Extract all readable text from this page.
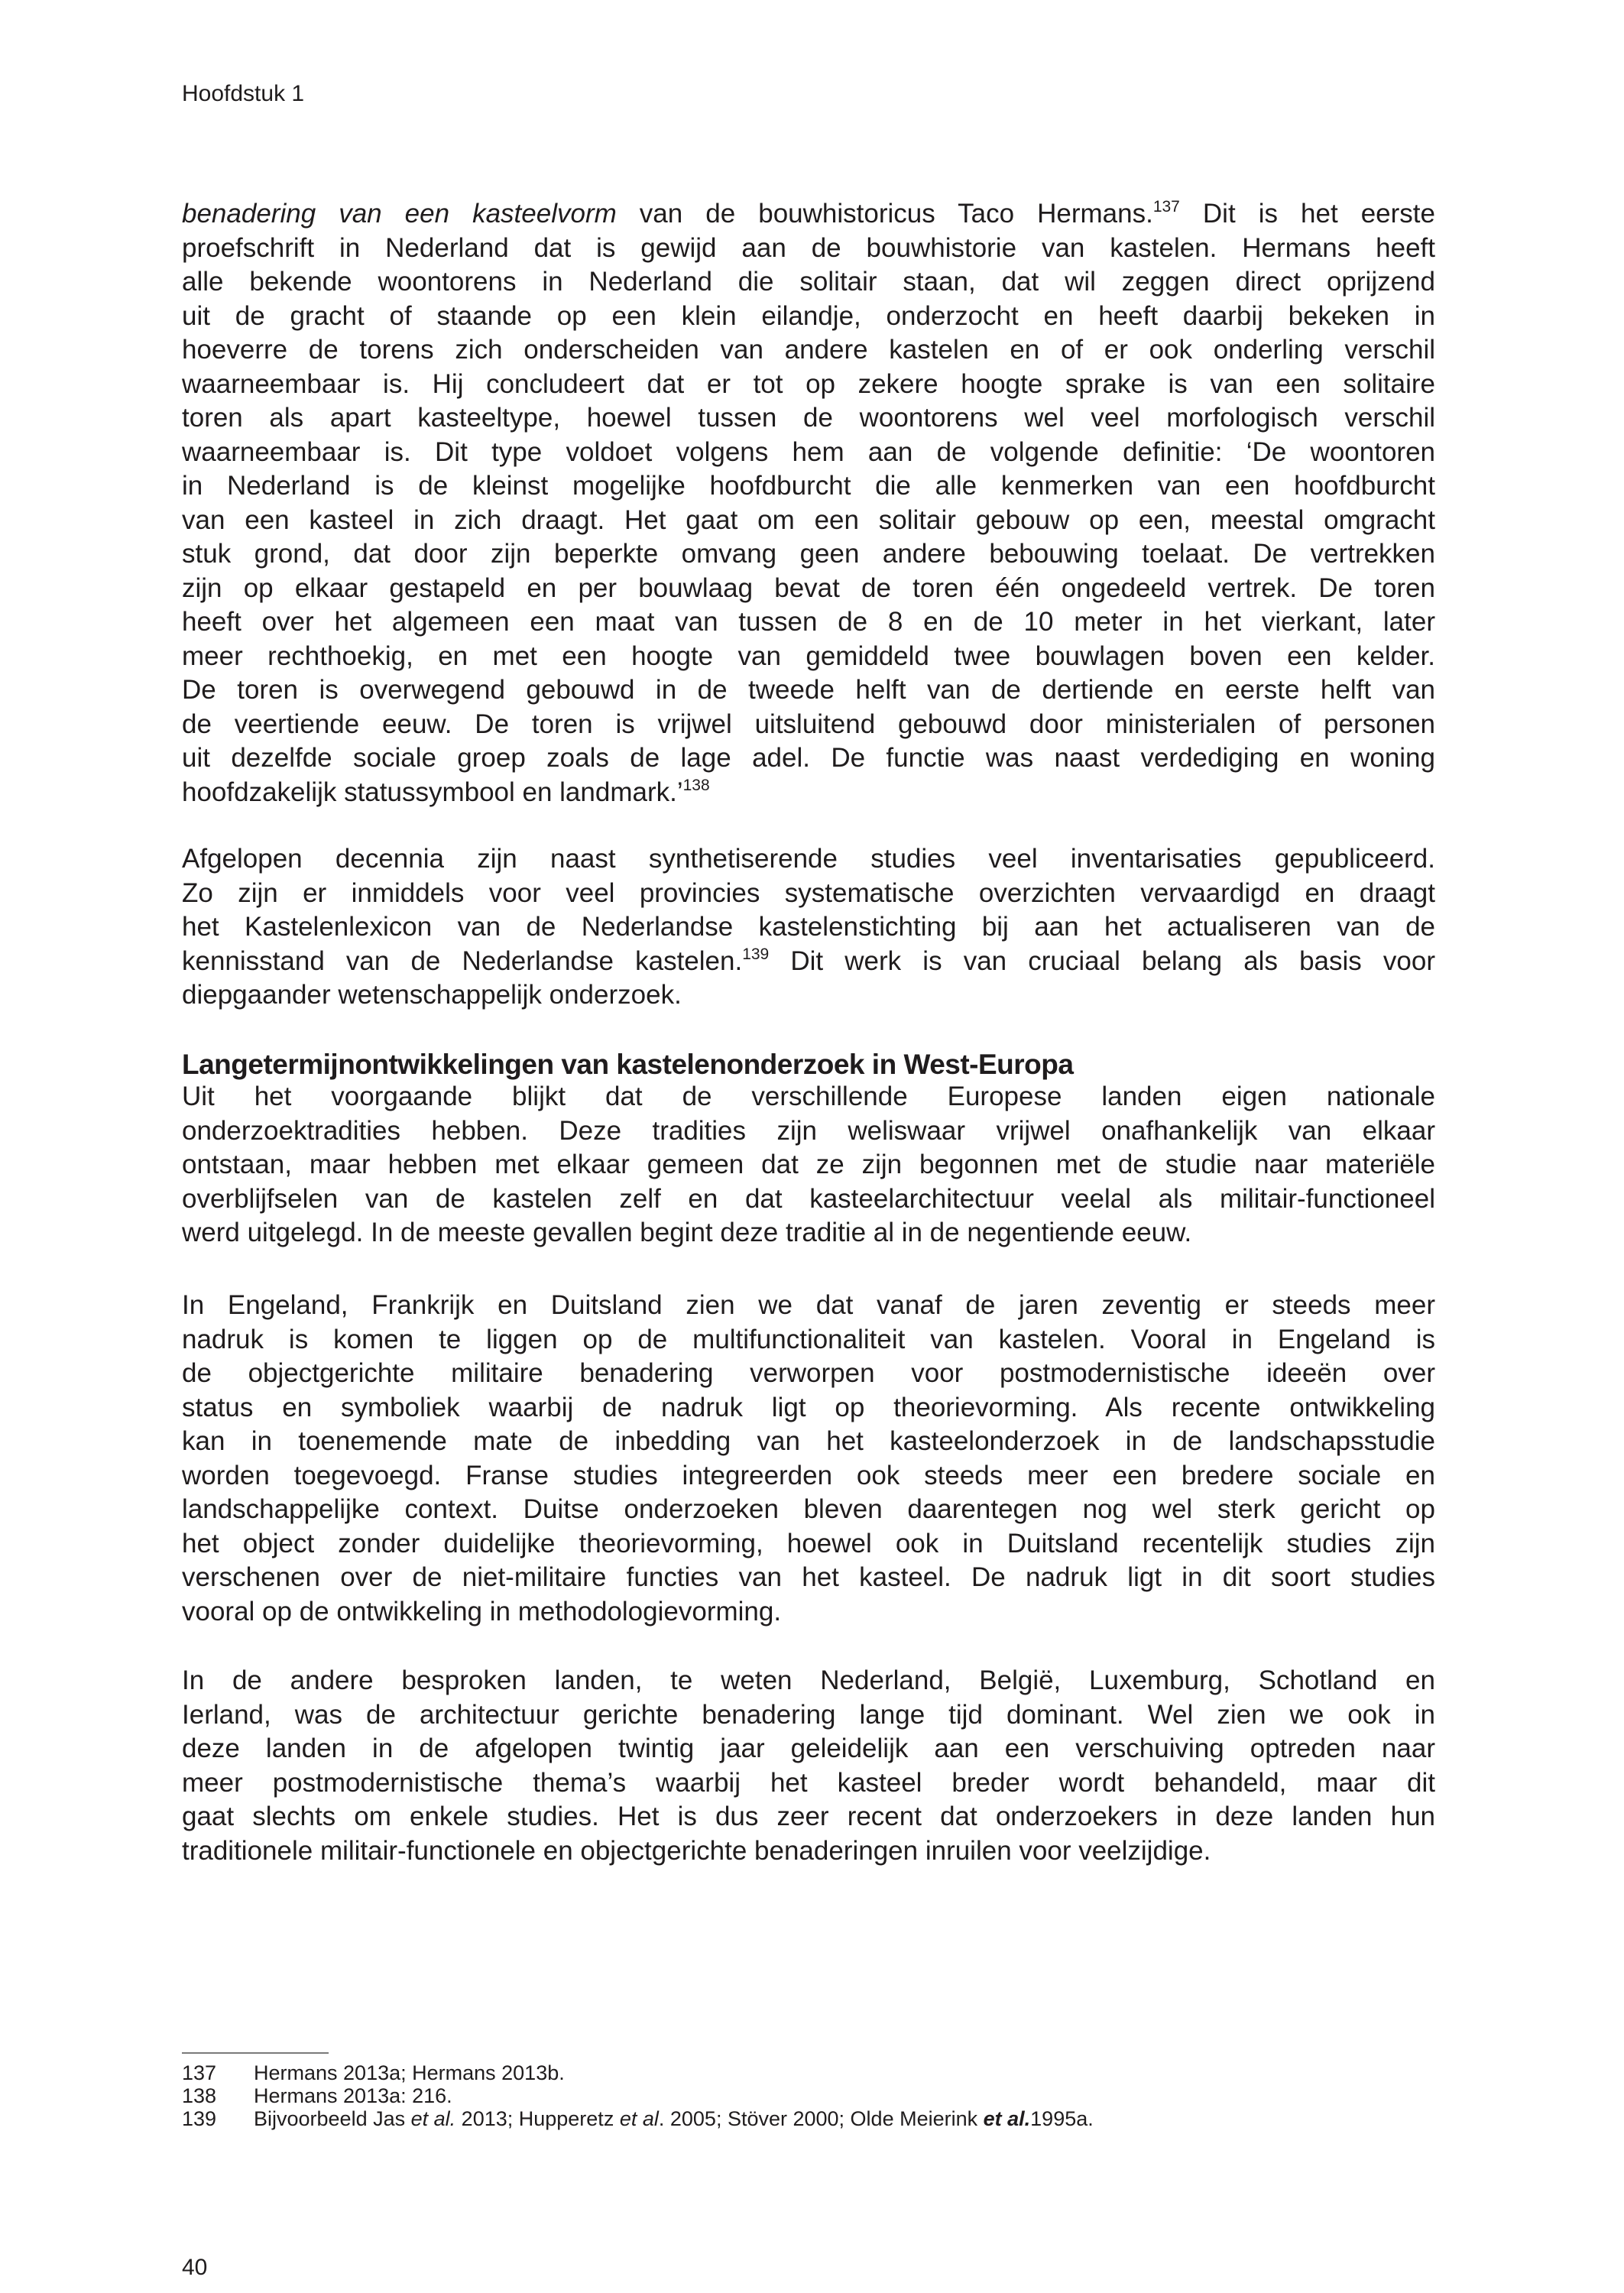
Hoofdstuk 1
benadering van een kasteelvorm van de bouwhistoricus Taco Hermans.$^{137}$ Dit is het eerste
proefschrift in Nederland dat is gewijd aan de bouwhistorie van kastelen. Hermans heeft
alle bekende woontorens in Nederland die solitair staan, dat wil zeggen direct oprijzend
uit de gracht of staande op een klein eilandje, onderzocht en heeft daarbij bekeken in
hoeverre de torens zich onderscheiden van andere kastelen en of er ook onderling verschil
waarneembaar is. Hij concludeert dat er tot op zekere hoogte sprake is van een solitaire
toren als apart kasteeltype, hoewel tussen de woontorens wel veel morfologisch verschil
waarneembaar is. Dit type voldoet volgens hem aan de volgende definitie: ‘De woontoren
in Nederland is de kleinst mogelijke hoofdburcht die alle kenmerken van een hoofdburcht
van een kasteel in zich draagt. Het gaat om een solitair gebouw op een, meestal omgracht
stuk grond, dat door zijn beperkte omvang geen andere bebouwing toelaat. De vertrekken
zijn op elkaar gestapeld en per bouwlaag bevat de toren één ongedeeld vertrek. De toren
heeft over het algemeen een maat van tussen de 8 en de 10 meter in het vierkant, later
meer rechthoekig, en met een hoogte van gemiddeld twee bouwlagen boven een kelder.
De toren is overwegend gebouwd in de tweede helft van de dertiende en eerste helft van
de veertiende eeuw. De toren is vrijwel uitsluitend gebouwd door ministerialen of personen
uit dezelfde sociale groep zoals de lage adel. De functie was naast verdediging en woning
hoofdzakelijk statussymbool en landmark.’$^{138}$
Afgelopen decennia zijn naast synthetiserende studies veel inventarisaties gepubliceerd.
Zo zijn er inmiddels voor veel provincies systematische overzichten vervaardigd en draagt
het Kastelenlexicon van de Nederlandse kastelenstichting bij aan het actualiseren van de
kennisstand van de Nederlandse kastelen.$^{139}$ Dit werk is van cruciaal belang als basis voor
diepgaander wetenschappelijk onderzoek.
Langetermijnontwikkelingen van kastelenonderzoek in West-Europa
Uit het voorgaande blijkt dat de verschillende Europese landen eigen nationale
onderzoektradities hebben. Deze tradities zijn weliswaar vrijwel onafhankelijk van elkaar
ontstaan, maar hebben met elkaar gemeen dat ze zijn begonnen met de studie naar materiële
overblijfselen van de kastelen zelf en dat kasteelarchitectuur veelal als militair-functioneel
werd uitgelegd. In de meeste gevallen begint deze traditie al in de negentiende eeuw.
In Engeland, Frankrijk en Duitsland zien we dat vanaf de jaren zeventig er steeds meer
nadruk is komen te liggen op de multifunctionaliteit van kastelen. Vooral in Engeland is
de objectgerichte militaire benadering verworpen voor postmodernistische ideeën over
status en symboliek waarbij de nadruk ligt op theorievorming. Als recente ontwikkeling
kan in toenemende mate de inbedding van het kasteelonderzoek in de landschapsstudie
worden toegevoegd. Franse studies integreerden ook steeds meer een bredere sociale en
landschappelijke context. Duitse onderzoeken bleven daarentegen nog wel sterk gericht op
het object zonder duidelijke theorievorming, hoewel ook in Duitsland recentelijk studies zijn
verschenen over de niet-militaire functies van het kasteel. De nadruk ligt in dit soort studies
vooral op de ontwikkeling in methodologievorming.
In de andere besproken landen, te weten Nederland, België, Luxemburg, Schotland en
Ierland, was de architectuur gerichte benadering lange tijd dominant. Wel zien we ook in
deze landen in de afgelopen twintig jaar geleidelijk aan een verschuiving optreden naar
meer postmodernistische thema’s waarbij het kasteel breder wordt behandeld, maar dit
gaat slechts om enkele studies. Het is dus zeer recent dat onderzoekers in deze landen hun
traditionele militair-functionele en objectgerichte benaderingen inruilen voor veelzijdige.
137 Hermans 2013a; Hermans 2013b.
138 Hermans 2013a: 216.
139 Bijvoorbeeld Jas et al. 2013; Hupperetz et al. 2005; Stöver 2000; Olde Meierink et al.1995a.
40
